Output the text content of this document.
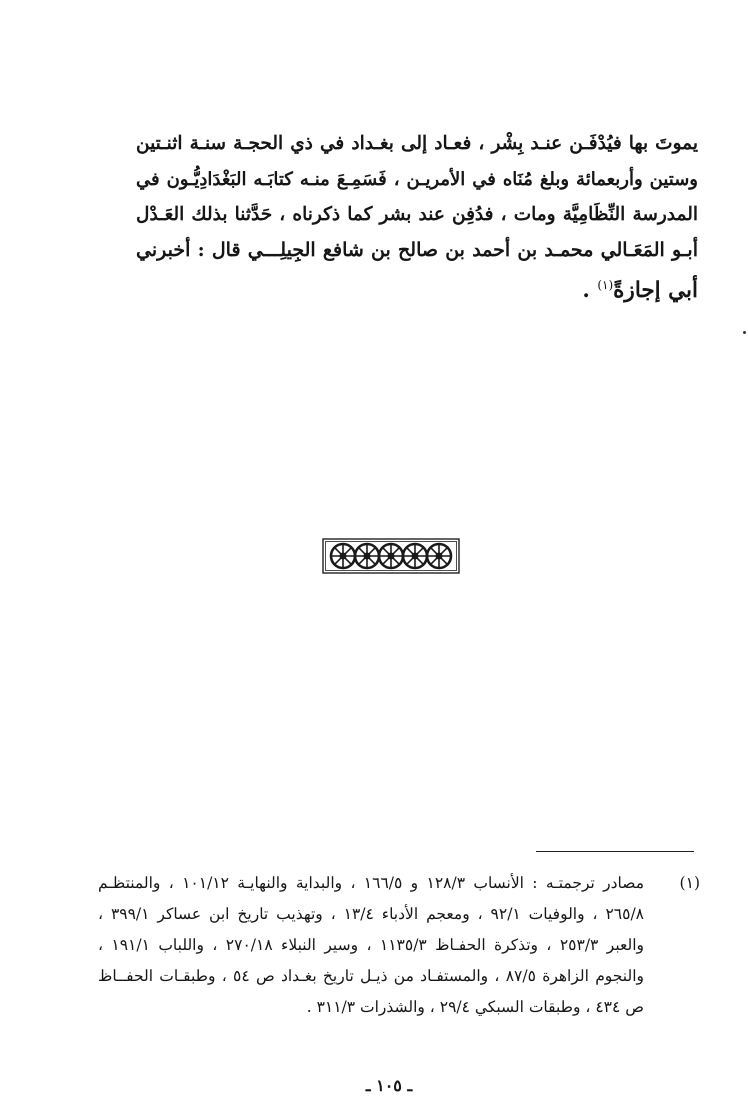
يموتَ بها فيُدْفَـن عنـد بِشْر ، فعـاد إلى بغـداد في ذي الحجـة سنـة اثنـتين
وستين وأربعمائة وبلغ مُنَاه في الأمريـن ، فَسَمِـعَ منـه كتابَـه البَغْدَادِيُّـون في
المدرسة النِّظَامِيَّة ومات ، فدُفِن عند بشر كما ذكرناه ، حَدَّثنا بذلك العَـدْل
أبـو المَعَـالي محمـد بن أحمد بن صالح بن شافع الجِيلِـــي قال : أخبرني
أبي إجازةً$^{(١)}$ .
(١)
مصادر ترجمتـه : الأنساب ١٢٨/٣ و ١٦٦/٥ ، والبداية والنهايـة ١٠١/١٢ ، والمنتظـم
٢٦٥/٨ ، والوفيات ٩٢/١ ، ومعجم الأدباء ١٣/٤ ، وتهذيب تاريخ ابن عساكر ٣٩٩/١ ،
والعبر ٢٥٣/٣ ، وتذكرة الحفـاظ ١١٣٥/٣ ، وسير النبلاء ٢٧٠/١٨ ، واللباب ١٩١/١ ،
والنجوم الزاهرة ٨٧/٥ ، والمستفـاد من ذيـل تاريخ بغـداد ص ٥٤ ، وطبقـات الحفــاظ
ص ٤٣٤ ، وطبقات السبكي ٢٩/٤ ، والشذرات ٣١١/٣ .
ـ ١٠٥ ـ
